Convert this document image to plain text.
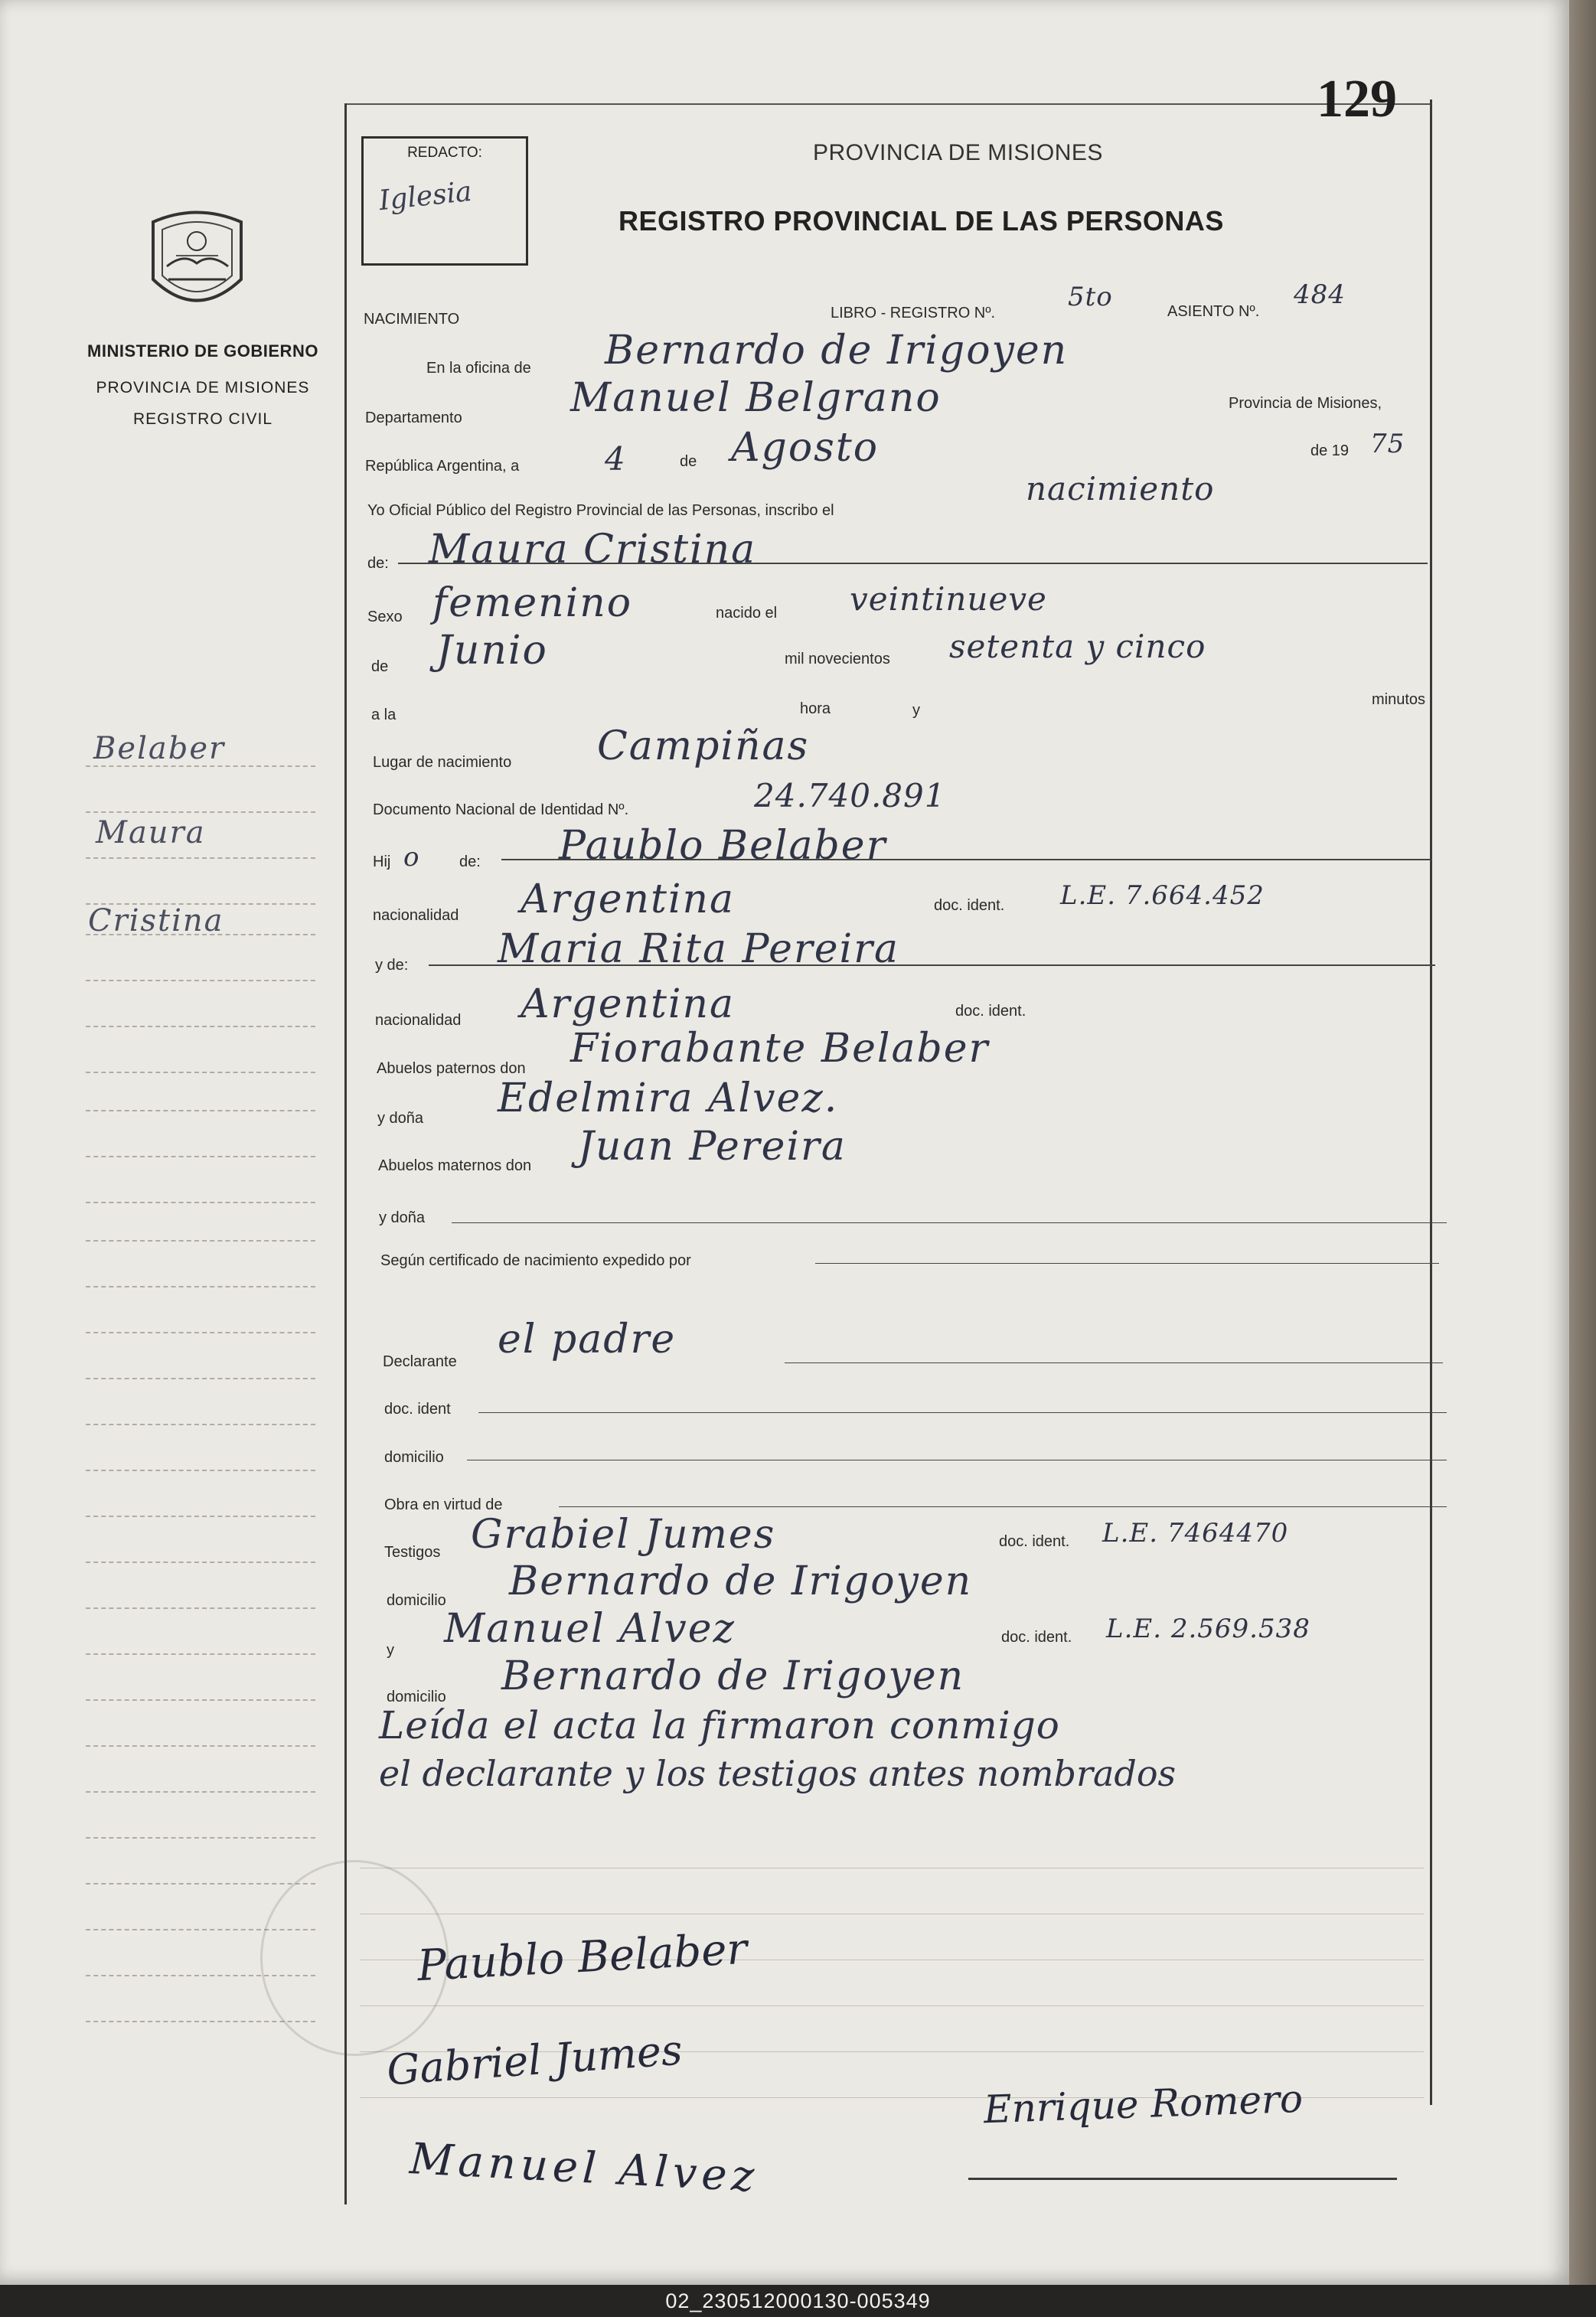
MINISTERIO DE GOBIERNO
PROVINCIA DE MISIONES
REGISTRO CIVIL
Belaber
Maura
Cristina
REDACTO:
Iglesia
129
PROVINCIA DE MISIONES
REGISTRO PROVINCIAL DE LAS PERSONAS
NACIMIENTO	LIBRO - REGISTRO Nº.
5to	ASIENTO Nº.
484
En la oficina de Bernardo de Irigoyen
Departamento	Manuel Belgrano	Provincia de Misiones,
República Argentina, a	4	de Agosto	de 19 75
Yo Oficial Público del Registro Provincial de las Personas, inscribo el
nacimiento
de: Maura Cristina
Sexo femenino	nacido el veintinueve
de Junio	mil novecientos setenta y cinco
a la	hora	y
minutos
Lugar de nacimiento Campiñas
Documento Nacional de Identidad Nº.	24.740.891
Hij o	de: Paublo Belaber
nacionalidad Argentina	doc. ident. L.E. 7.664.452
y de: Maria Rita Pereira
nacionalidad Argentina	doc. ident.
Abuelos paternos don Fiorabante Belaber
y doña Edelmira Alvez.
Abuelos maternos don Juan Pereira
y doña
Según certificado de nacimiento expedido por
Declarante el padre
doc. ident
domicilio
Obra en virtud de
Testigos Grabiel Jumes	doc. ident. L.E. 7464470
domicilio Bernardo de Irigoyen
y Manuel Alvez	doc. ident. L.E. 2.569.538
domicilio Bernardo de Irigoyen
Leída el acta la firmaron conmigo
el declarante y los testigos antes nombrados
Paublo Belaber
Gabriel Jumes
Manuel Alvez
Enrique Romero
02_230512000130-005349
